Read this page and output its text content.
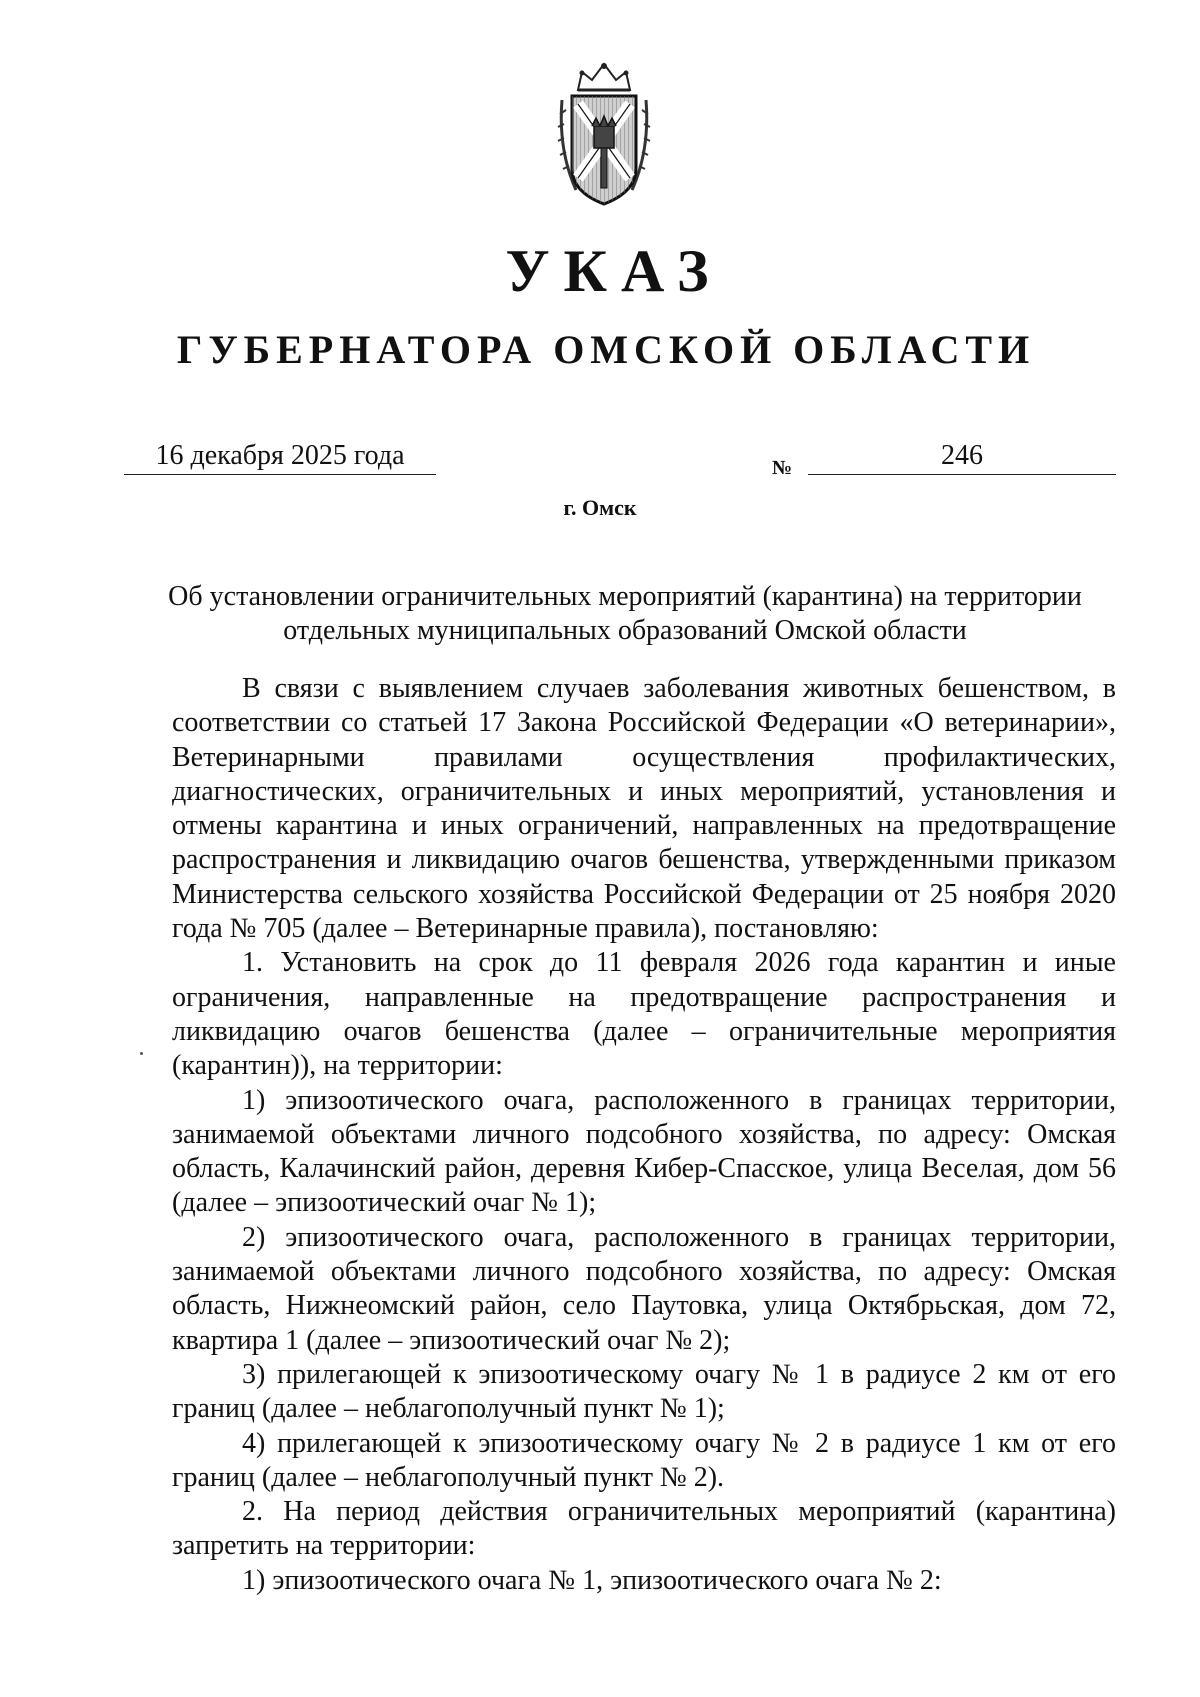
УКАЗ
ГУБЕРНАТОРА ОМСКОЙ ОБЛАСТИ
16 декабря 2025 года	№	246
г. Омск
Об установлении ограничительных мероприятий (карантина) на территории
отдельных муниципальных образований Омской области

В связи с выявлением случаев заболевания животных бешенством, в соответствии со статьей 17 Закона Российской Федерации «О ветеринарии», Ветеринарными правилами осуществления профилактических, диагностических, ограничительных и иных мероприятий, установления и отмены карантина и иных ограничений, направленных на предотвращение распространения и ликвидацию очагов бешенства, утвержденными приказом Министерства сельского хозяйства Российской Федерации от 25 ноября 2020 года № 705 (далее – Ветеринарные правила), постановляю:

1. Установить на срок до 11 февраля 2026 года карантин и иные ограничения, направленные на предотвращение распространения и ликвидацию очагов бешенства (далее – ограничительные мероприятия (карантин)), на территории:

1) эпизоотического очага, расположенного в границах территории, занимаемой объектами личного подсобного хозяйства, по адресу: Омская область, Калачинский район, деревня Кибер-Спасское, улица Веселая, дом 56 (далее – эпизоотический очаг № 1);

2) эпизоотического очага, расположенного в границах территории, занимаемой объектами личного подсобного хозяйства, по адресу: Омская область, Нижнеомский район, село Паутовка, улица Октябрьская, дом 72, квартира 1 (далее – эпизоотический очаг № 2);

3) прилегающей к эпизоотическому очагу № 1 в радиусе 2 км от его границ (далее – неблагополучный пункт № 1);

4) прилегающей к эпизоотическому очагу № 2 в радиусе 1 км от его границ (далее – неблагополучный пункт № 2).

2. На период действия ограничительных мероприятий (карантина) запретить на территории:

1) эпизоотического очага № 1, эпизоотического очага № 2:
